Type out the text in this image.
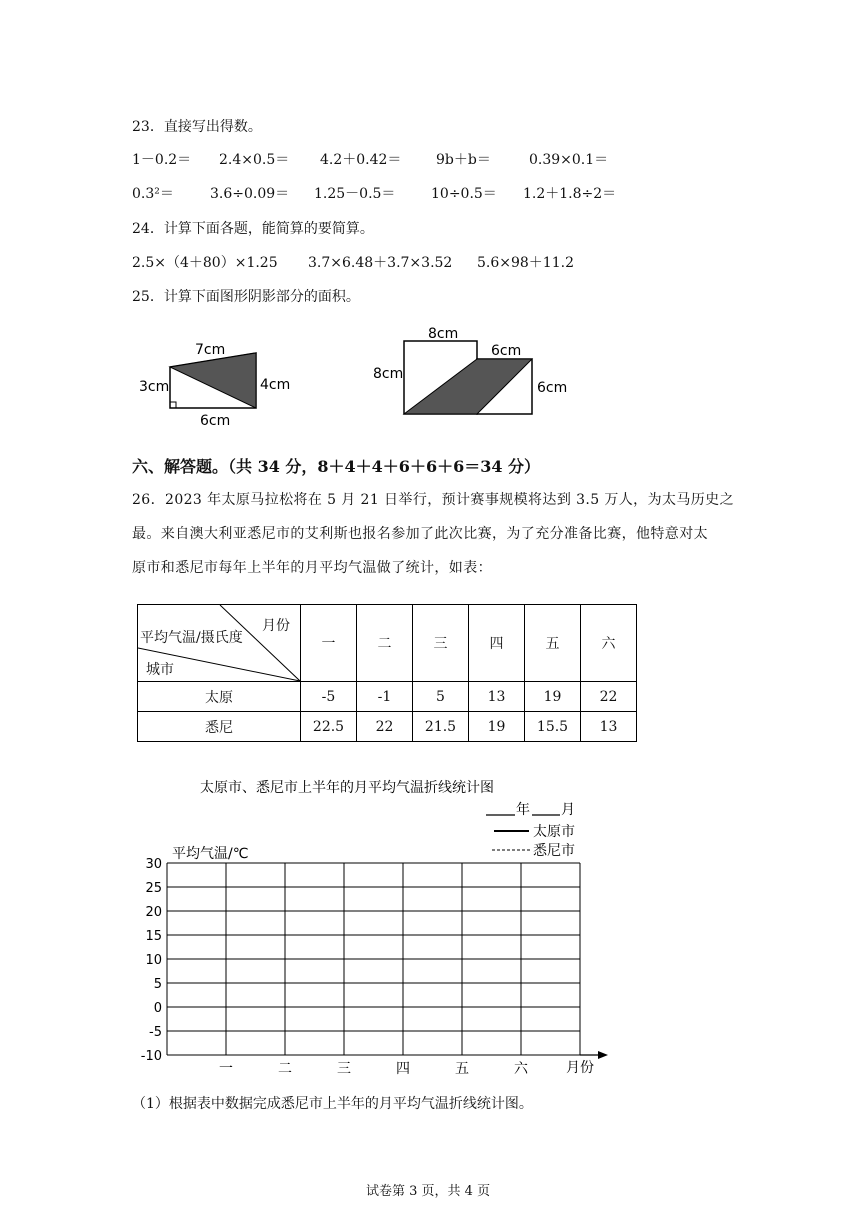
23．直接写出得数。
1－0.2＝ 2.4×0.5＝ 4.2＋0.42＝ 9b＋b＝	0.39×0.1＝
0.3²＝	3.6÷0.09＝ 1.25－0.5＝	10÷0.5＝ 1.2＋1.8÷2＝
24．计算下面各题，能简算的要简算。
2.5×（4＋80）×1.25 3.7×6.48＋3.7×3.52 5.6×98＋11.2
25．计算下面图形阴影部分的面积。
7cm
3cm	4cm
6cm
8cm
8cm
6cm
6cm
六、解答题。（共 34 分，8＋4＋4＋6＋6＋6＝34 分）
26．2023 年太原马拉松将在 5 月 21 日举行，预计赛事规模将达到 3.5 万人，为太马历史之
最。来自澳大利亚悉尼市的艾利斯也报名参加了此次比赛，为了充分准备比赛，他特意对太
原市和悉尼市每年上半年的月平均气温做了统计，如表：
月份
平均气温/摄氏度
城市	一	二	三	四	五	六
太原	-5	-1	5	13	19	22
悉尼	22.5	22	21.5	19	15.5	13
太原市、悉尼市上半年的月平均气温折线统计图
年 月
太原市
悉尼市
平均气温/℃
30
25
20
15
10
5
0
-5
-10
一	二	三	四	五	六	月份
（1）根据表中数据完成悉尼市上半年的月平均气温折线统计图。
试卷第 3 页，共 4 页
